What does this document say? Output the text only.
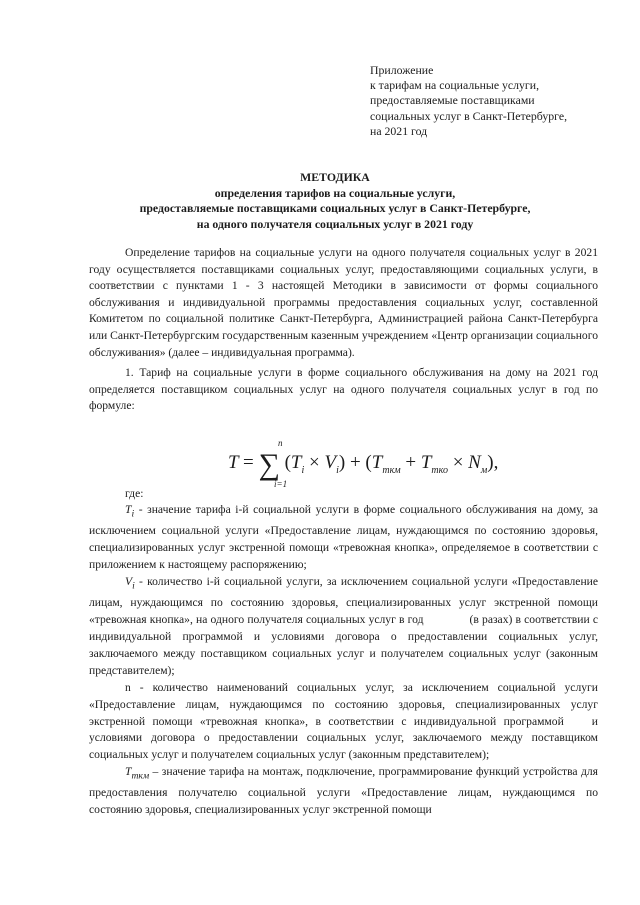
Приложение
к тарифам на социальные услуги,
предоставляемые поставщиками
социальных услуг в Санкт-Петербурге,
на 2021 год
МЕТОДИКА
определения тарифов на социальные услуги,
предоставляемые поставщиками социальных услуг в Санкт-Петербурге,
на одного получателя социальных услуг в 2021 году

Определение тарифов на социальные услуги на одного получателя социальных услуг в 2021 году осуществляется поставщиками социальных услуг, предоставляющими социальных услуги, в соответствии с пунктами 1 - 3 настоящей Методики в зависимости от формы социального обслуживания и индивидуальной программы предоставления социальных услуг, составленной Комитетом по социальной политике Санкт-Петербурга, Администрацией района Санкт-Петербурга или Санкт-Петербургским государственным казенным учреждением «Центр организации социального обслуживания» (далее – индивидуальная программа).

1. Тариф на социальные услуги в форме социального обслуживания на дому на 2021 год определяется поставщиком социальных услуг на одного получателя социальных услуг в год по формуле:

n
T = ∑ $(T_i \times V_i) + (T_{ткм} + T_{тко} \times N_м)$,
i=1
где:

$T_i$ - значение тарифа i-й социальной услуги в форме социального обслуживания на дому, за исключением социальной услуги «Предоставление лицам, нуждающимся по состоянию здоровья, специализированных услуг экстренной помощи «тревожная кнопка», определяемое в соответствии с приложением к настоящему распоряжению;

$V_i$ - количество i-й социальной услуги, за исключением социальной услуги «Предоставление лицам, нуждающимся по состоянию здоровья, специализированных услуг экстренной помощи «тревожная кнопка», на одного получателя социальных услуг в год	(в разах) в соответствии с индивидуальной программой и условиями договора о предоставлении социальных услуг, заключаемого между поставщиком социальных услуг и получателем социальных услуг (законным представителем);

n - количество наименований социальных услуг, за исключением социальной услуги «Предоставление лицам, нуждающимся по состоянию здоровья, специализированных услуг экстренной помощи «тревожная кнопка», в соответствии с индивидуальной программой и условиями договора о предоставлении социальных услуг, заключаемого между поставщиком социальных услуг и получателем социальных услуг (законным представителем);

$T_{ткм}$ – значение тарифа на монтаж, подключение, программирование функций устройства для предоставления получателю социальной услуги «Предоставление лицам, нуждающимся по состоянию здоровья, специализированных услуг экстренной помощи
